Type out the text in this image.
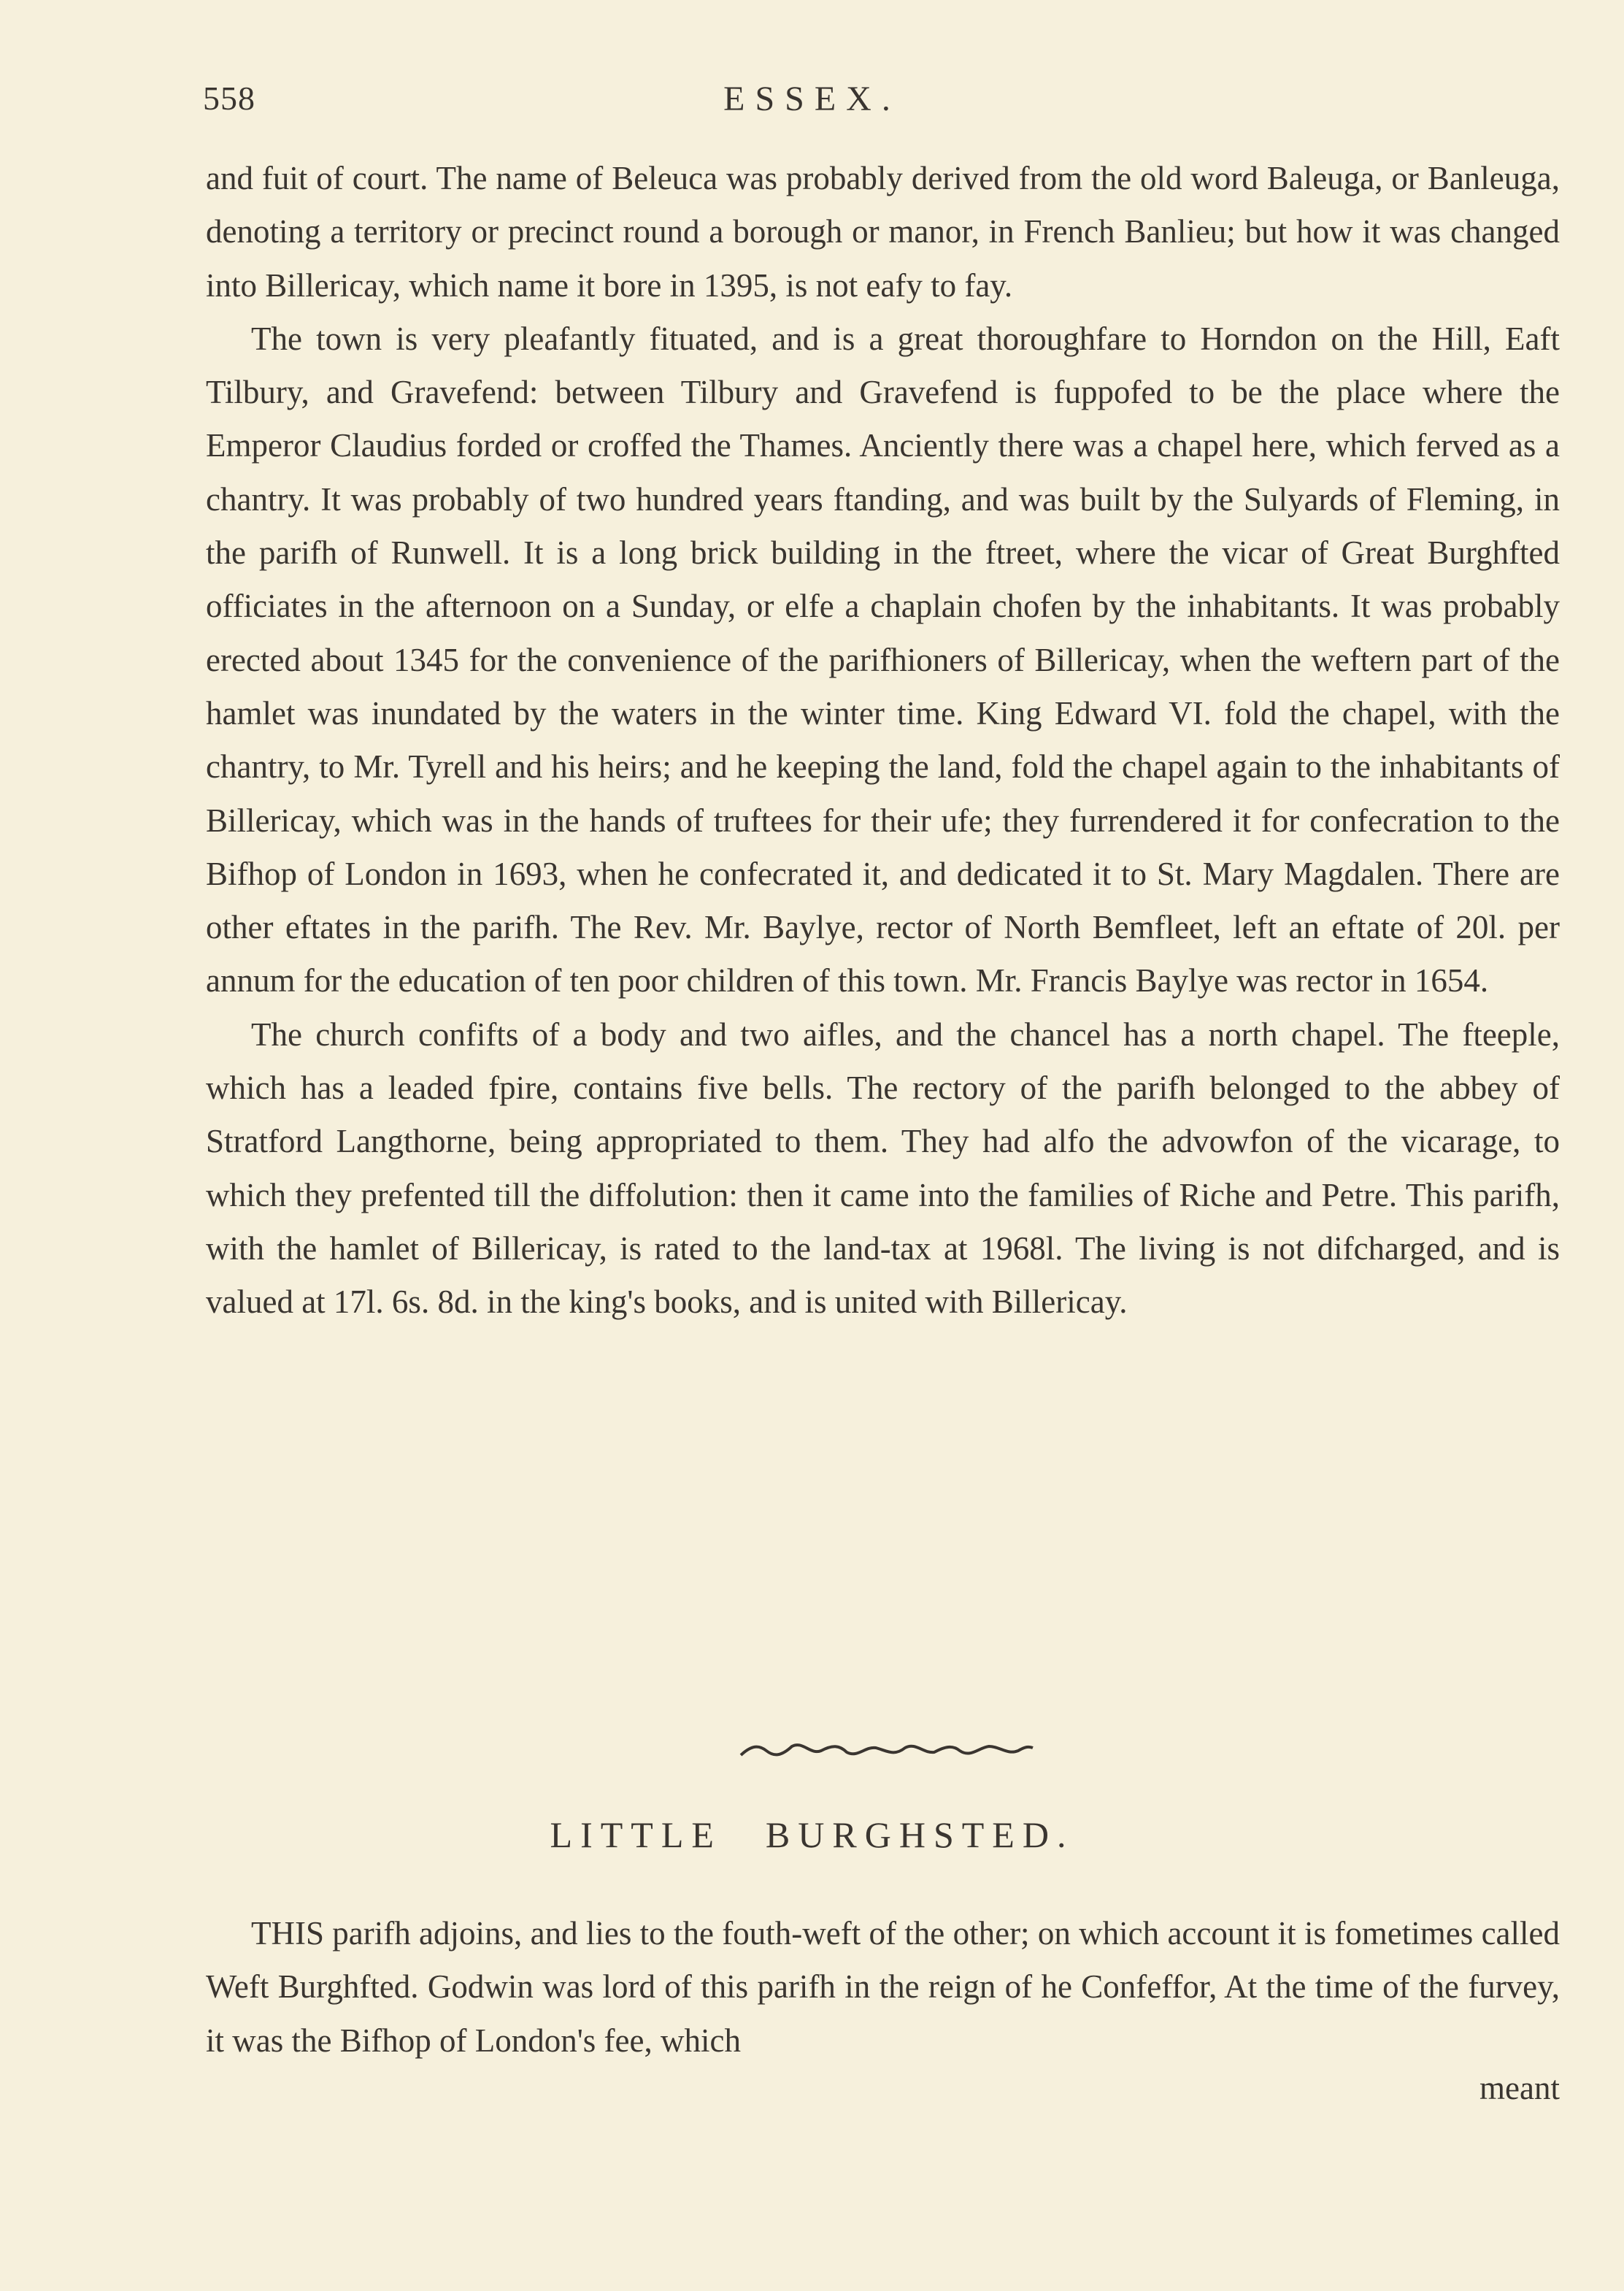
558	ESSEX.

and fuit of court. The name of Beleuca was probably derived from the old word Baleuga, or Banleuga, denoting a territory or precinct round a borough or manor, in French Banlieu; but how it was changed into Billericay, which name it bore in 1395, is not eafy to fay.

The town is very pleafantly fituated, and is a great thoroughfare to Horndon on the Hill, Eaft Tilbury, and Gravefend: between Tilbury and Gravefend is fuppofed to be the place where the Emperor Claudius forded or croffed the Thames. Anciently there was a chapel here, which ferved as a chantry. It was probably of two hundred years ftanding, and was built by the Sulyards of Fleming, in the parifh of Runwell. It is a long brick building in the ftreet, where the vicar of Great Burghfted officiates in the afternoon on a Sunday, or elfe a chaplain chofen by the inhabitants. It was probably erected about 1345 for the convenience of the parifhioners of Billericay, when the weftern part of the hamlet was inundated by the waters in the winter time. King Edward VI. fold the chapel, with the chantry, to Mr. Tyrell and his heirs; and he keeping the land, fold the chapel again to the inhabitants of Billericay, which was in the hands of truftees for their ufe; they furrendered it for confecration to the Bifhop of London in 1693, when he confecrated it, and dedicated it to St. Mary Magdalen. There are other eftates in the parifh. The Rev. Mr. Baylye, rector of North Bemfleet, left an eftate of 20l. per annum for the education of ten poor children of this town. Mr. Francis Baylye was rector in 1654.

The church confifts of a body and two aifles, and the chancel has a north chapel. The fteeple, which has a leaded fpire, contains five bells. The rectory of the parifh belonged to the abbey of Stratford Langthorne, being appropriated to them. They had alfo the advowfon of the vicarage, to which they prefented till the diffolution: then it came into the families of Riche and Petre. This parifh, with the hamlet of Billericay, is rated to the land-tax at 1968l. The living is not difcharged, and is valued at 17l. 6s. 8d. in the king's books, and is united with Billericay.

LITTLE BURGHSTED.

THIS parifh adjoins, and lies to the fouth-weft of the other; on which account it is fometimes called Weft Burghfted. Godwin was lord of this parifh in the reign of he Confeffor, At the time of the furvey, it was the Bifhop of London's fee, which

meant
